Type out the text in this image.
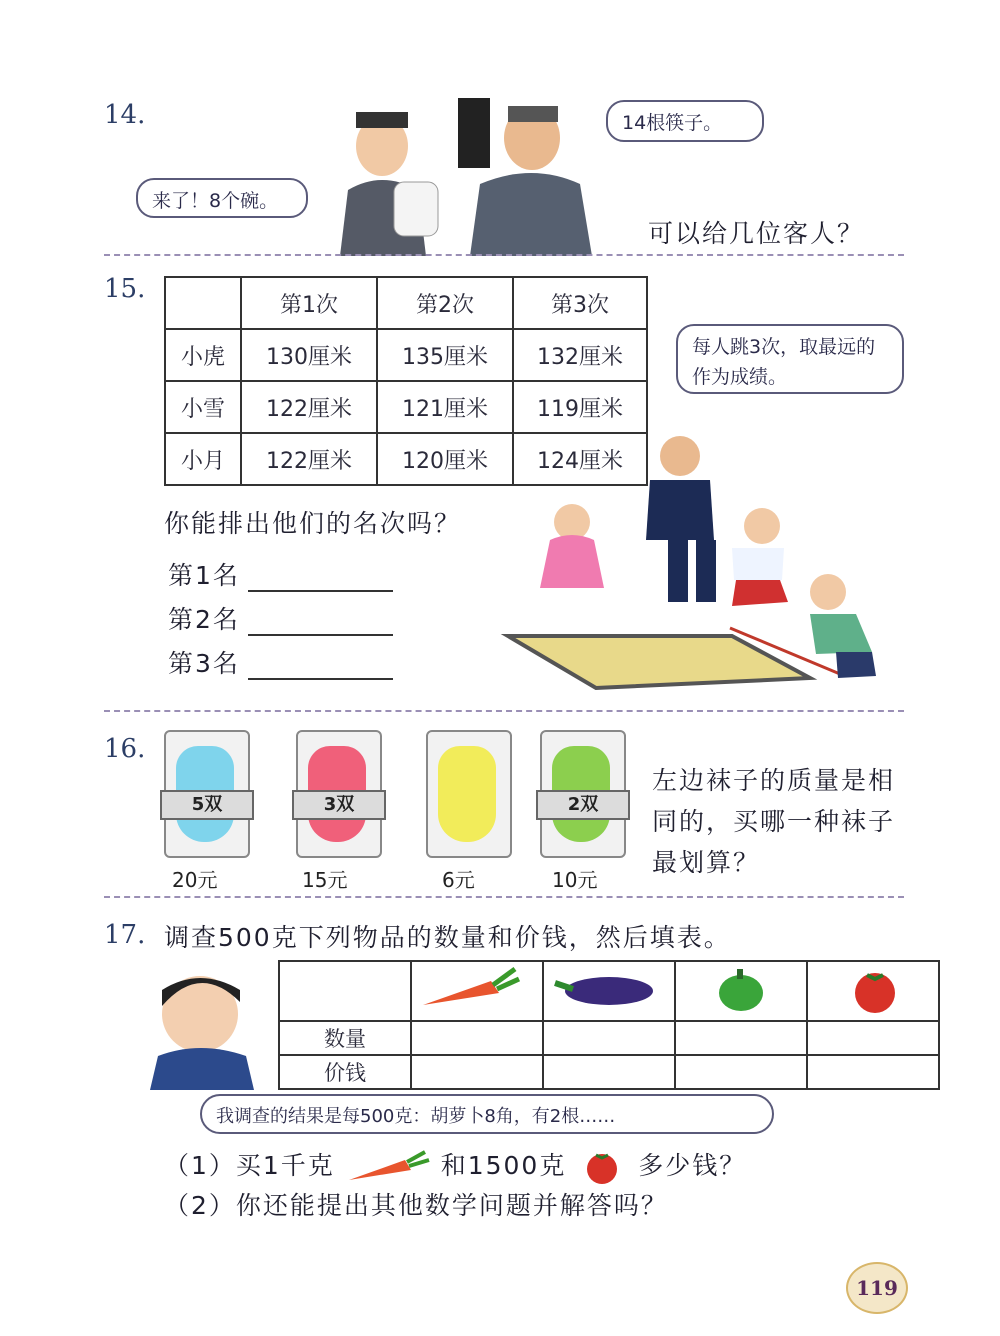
14.
来了！8个碗。
14根筷子。
可以给几位客人？
15.
	第1次	第2次	第3次
小虎	130厘米	135厘米	132厘米
小雪	122厘米	121厘米	119厘米
小月	122厘米	120厘米	124厘米
每人跳3次，取最远的作为成绩。
你能排出他们的名次吗？
第1名
第2名
第3名
16.
5双
20元
3双
15元	6元
2双
10元
左边袜子的质量是相同的，买哪一种袜子最划算？
17. 调查500克下列物品的数量和价钱，然后填表。

数量				
价钱				
我调查的结果是每500克：胡萝卜8角，有2根……
（1）买1千克	和1500克	多少钱？
（2）你还能提出其他数学问题并解答吗？
119
